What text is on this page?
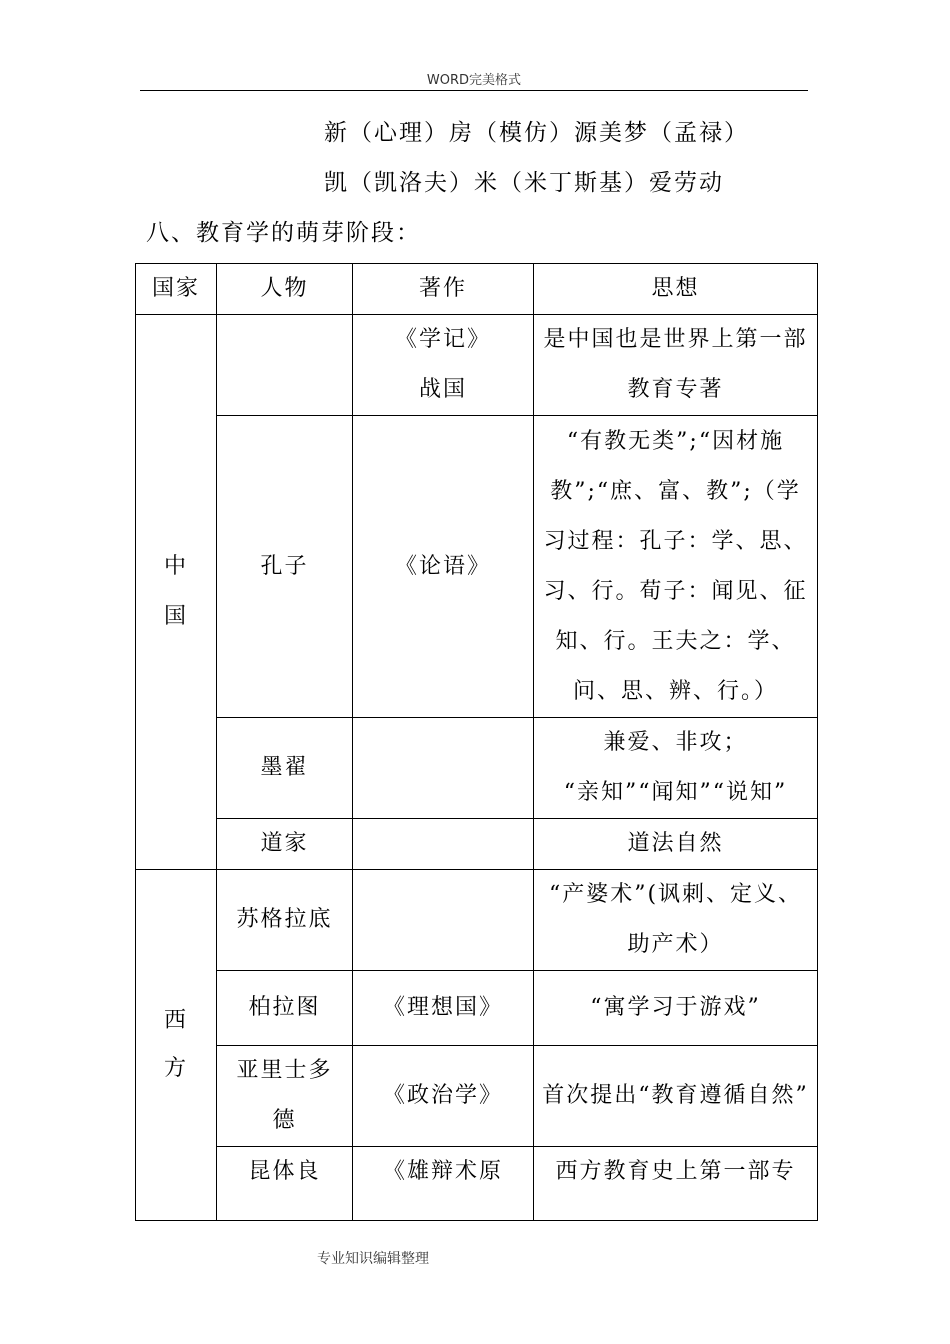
WORD完美格式
新（心理）房（模仿）源美梦（孟禄）
凯（凯洛夫）米（米丁斯基）爱劳动
八、教育学的萌芽阶段：
国家	人物	著作	思想
中国		《学记》战国	是中国也是世界上第一部教育专著
	孔子	《论语》	“有教无类”;“因材施教”;“庶、富、教”;（学习过程：孔子：学、思、习、行。荀子：闻见、征知、行。王夫之：学、问、思、辨、行。）
	墨翟		兼爱、非攻；
“亲知”“闻知”“说知”

	道家		道法自然
西方	苏格拉底		“产婆术”(讽刺、定义、助产术）
	柏拉图	《理想国》	“寓学习于游戏”
	亚里士多德	《政治学》	首次提出“教育遵循自然”
	昆体良	《雄辩术原	西方教育史上第一部专
专业知识编辑整理
